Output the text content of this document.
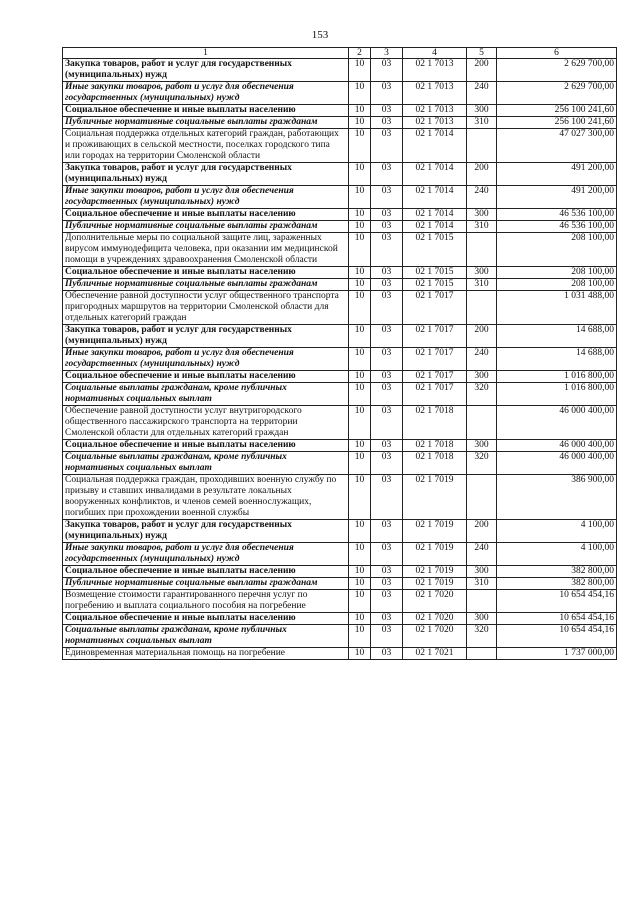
153
1	2	3	4	5	6
Закупка товаров, работ и услуг для государственных (муниципальных) нужд	10	03	02 1 7013	200	2 629 700,00
Иные закупки товаров, работ и услуг для обеспечения государственных (муниципальных) нужд	10	03	02 1 7013	240	2 629 700,00
Социальное обеспечение и иные выплаты населению	10	03	02 1 7013	300	256 100 241,60
Публичные нормативные социальные выплаты гражданам	10	03	02 1 7013	310	256 100 241,60
Социальная поддержка отдельных категорий граждан, работающих и проживающих в сельской местности, поселках городского типа или городах на территории Смоленской области	10	03	02 1 7014		47 027 300,00
Закупка товаров, работ и услуг для государственных (муниципальных) нужд	10	03	02 1 7014	200	491 200,00
Иные закупки товаров, работ и услуг для обеспечения государственных (муниципальных) нужд	10	03	02 1 7014	240	491 200,00
Социальное обеспечение и иные выплаты населению	10	03	02 1 7014	300	46 536 100,00
Публичные нормативные социальные выплаты гражданам	10	03	02 1 7014	310	46 536 100,00
Дополнительные меры по социальной защите лиц, зараженных вирусом иммунодефицита человека, при оказании им медицинской помощи в учреждениях здравоохранения Смоленской области	10	03	02 1 7015		208 100,00
Социальное обеспечение и иные выплаты населению	10	03	02 1 7015	300	208 100,00
Публичные нормативные социальные выплаты гражданам	10	03	02 1 7015	310	208 100,00
Обеспечение равной доступности услуг общественного транспорта пригородных маршрутов на территории Смоленской области для отдельных категорий граждан	10	03	02 1 7017		1 031 488,00
Закупка товаров, работ и услуг для государственных (муниципальных) нужд	10	03	02 1 7017	200	14 688,00
Иные закупки товаров, работ и услуг для обеспечения государственных (муниципальных) нужд	10	03	02 1 7017	240	14 688,00
Социальное обеспечение и иные выплаты населению	10	03	02 1 7017	300	1 016 800,00
Социальные выплаты гражданам, кроме публичных нормативных социальных выплат	10	03	02 1 7017	320	1 016 800,00
Обеспечение равной доступности услуг внутригородского общественного пассажирского транспорта на территории Смоленской области для отдельных категорий граждан	10	03	02 1 7018		46 000 400,00
Социальное обеспечение и иные выплаты населению	10	03	02 1 7018	300	46 000 400,00
Социальные выплаты гражданам, кроме публичных нормативных социальных выплат	10	03	02 1 7018	320	46 000 400,00
Социальная поддержка граждан, проходивших военную службу по призыву и ставших инвалидами в результате локальных вооруженных конфликтов, и членов семей военнослужащих, погибших при прохождении военной службы	10	03	02 1 7019		386 900,00
Закупка товаров, работ и услуг для государственных (муниципальных) нужд	10	03	02 1 7019	200	4 100,00
Иные закупки товаров, работ и услуг для обеспечения государственных (муниципальных) нужд	10	03	02 1 7019	240	4 100,00
Социальное обеспечение и иные выплаты населению	10	03	02 1 7019	300	382 800,00
Публичные нормативные социальные выплаты гражданам	10	03	02 1 7019	310	382 800,00
Возмещение стоимости гарантированного перечня услуг по погребению и выплата социального пособия на погребение	10	03	02 1 7020		10 654 454,16
Социальное обеспечение и иные выплаты населению	10	03	02 1 7020	300	10 654 454,16
Социальные выплаты гражданам, кроме публичных нормативных социальных выплат	10	03	02 1 7020	320	10 654 454,16
Единовременная материальная помощь на погребение	10	03	02 1 7021		1 737 000,00
